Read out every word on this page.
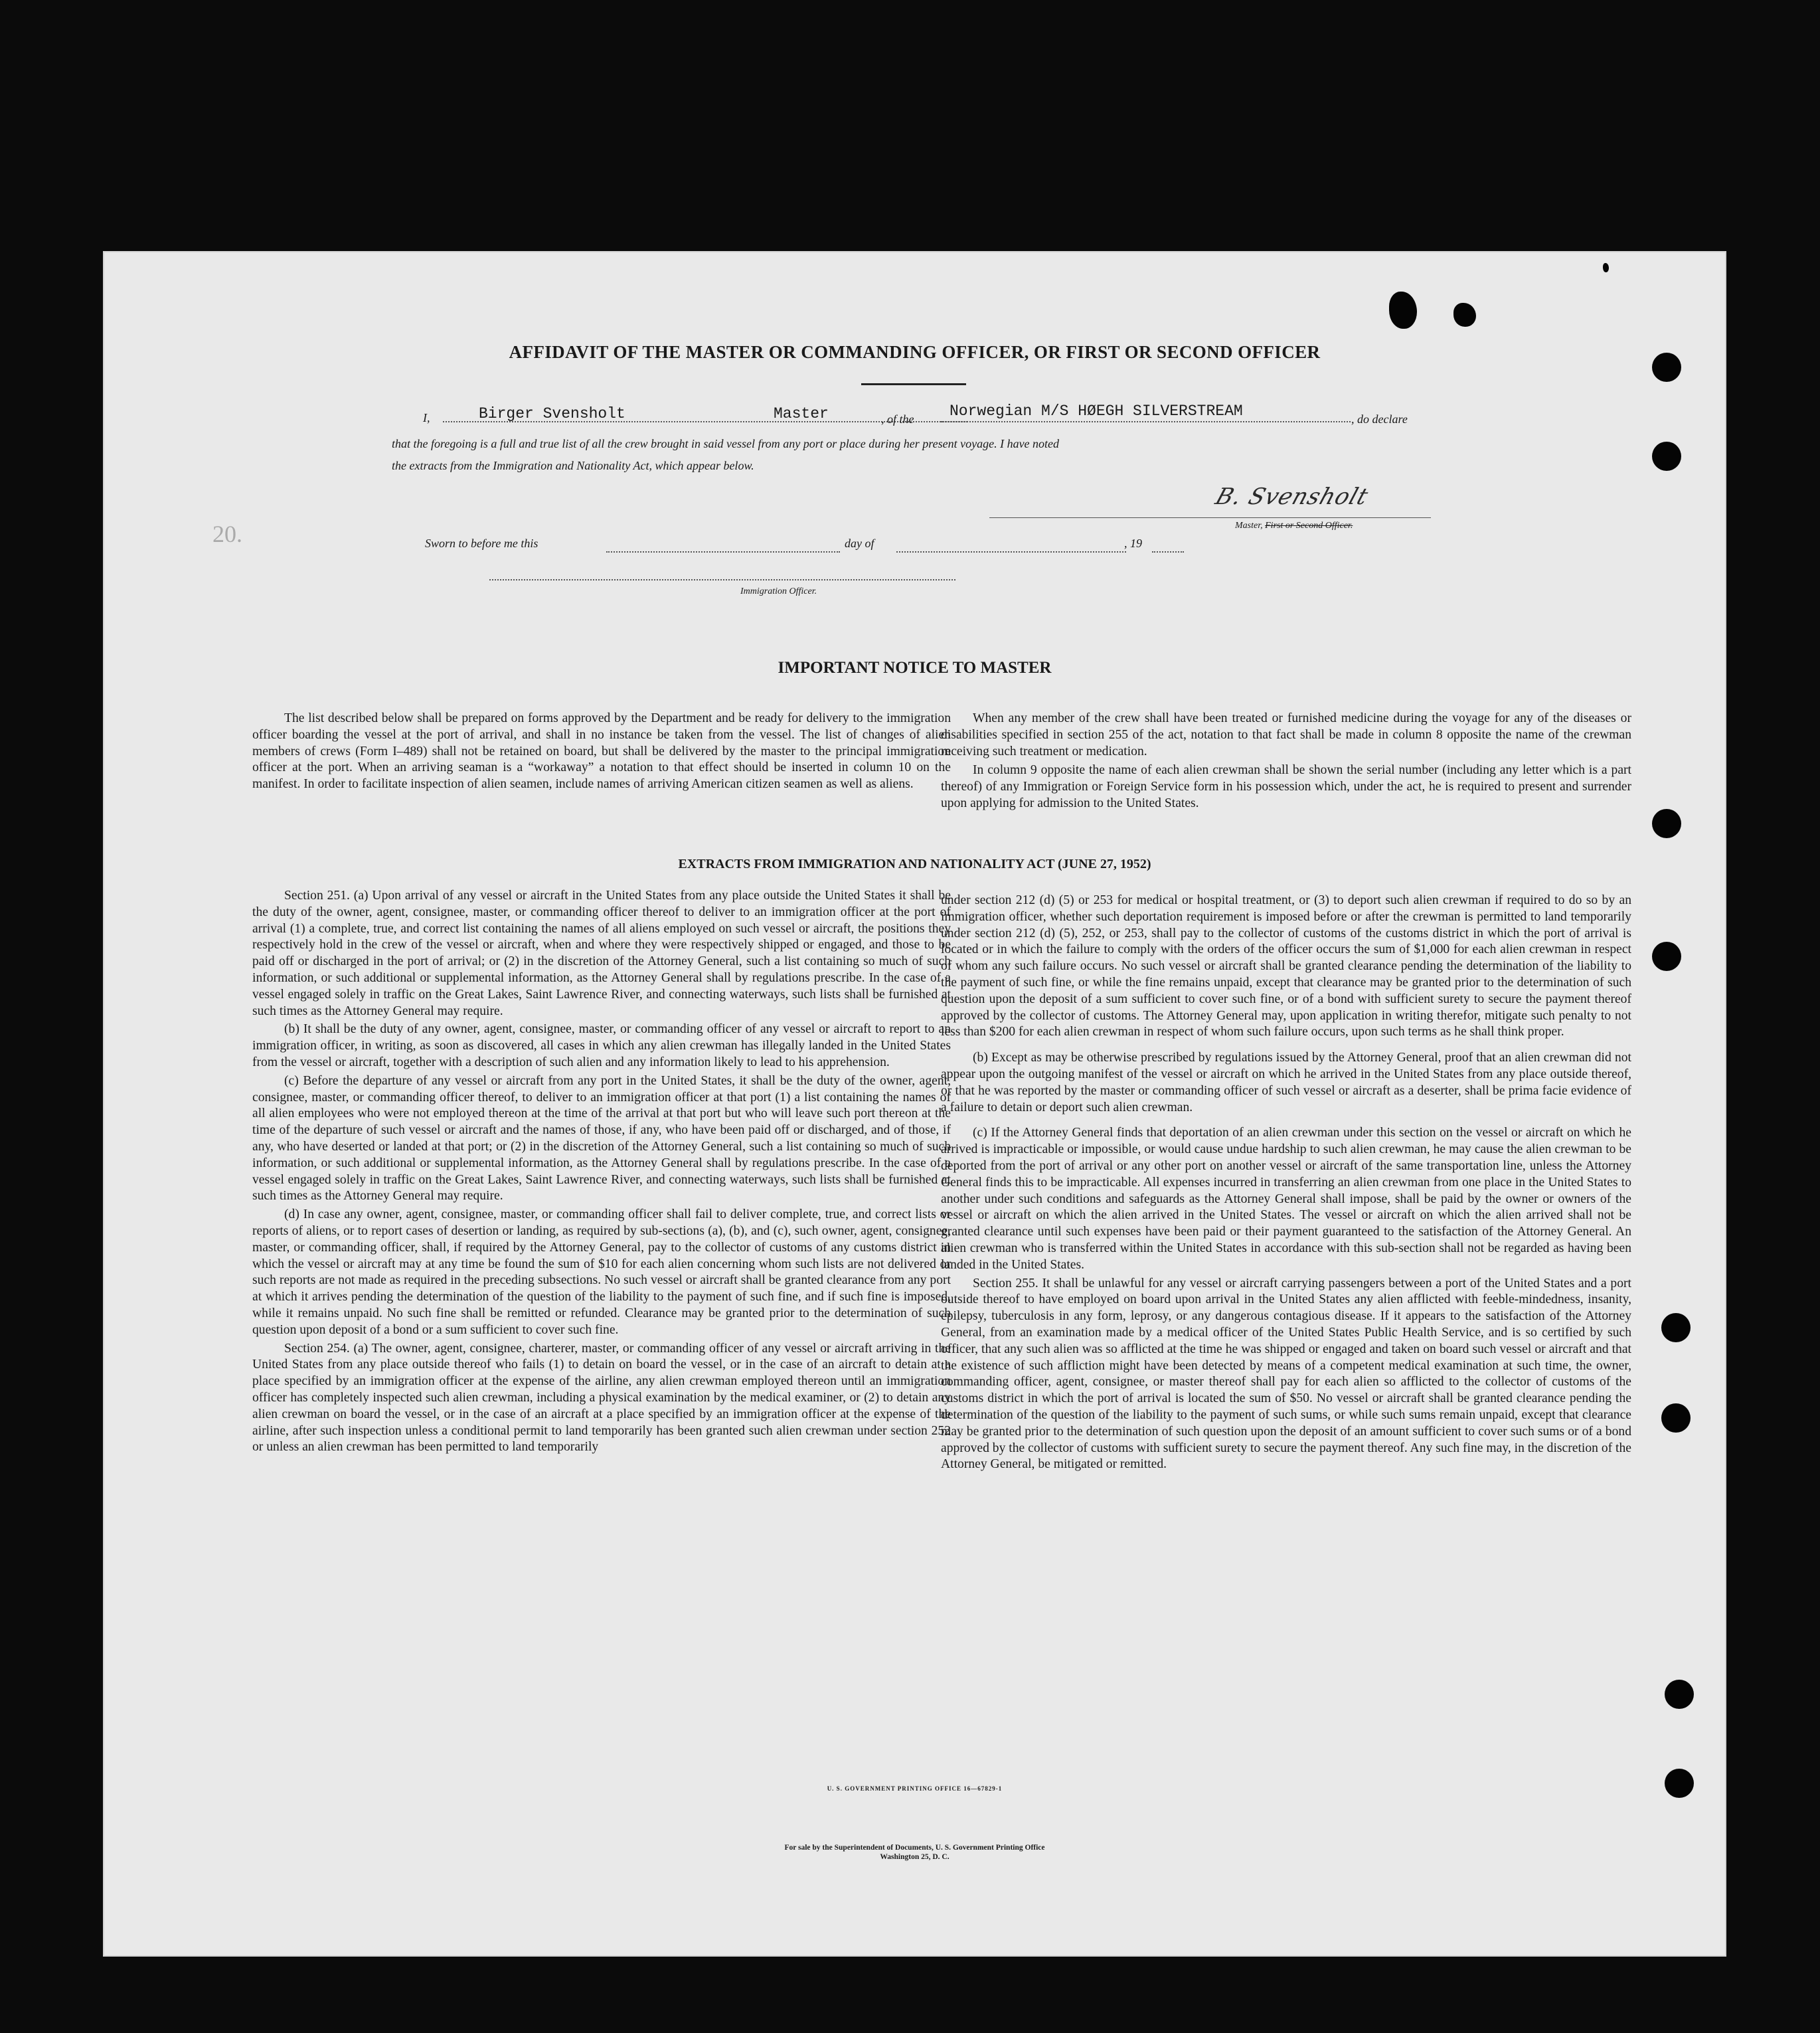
20.
AFFIDAVIT OF THE MASTER OR COMMANDING OFFICER, OR FIRST OR SECOND OFFICER
I,	Birger Svensholt	Master	, of the Norwegian M/S HØEGH SILVERSTREAM	, do declare
that the foregoing is a full and true list of all the crew brought in said vessel from any port or place during her present voyage. I have noted
the extracts from the Immigration and Nationality Act, which appear below.
B. Svensholt
Master, First or Second Officer.
Sworn to before me this	day of	, 19
Immigration Officer.
IMPORTANT NOTICE TO MASTER

The list described below shall be prepared on forms approved by the Department and be ready for delivery to the immigration officer boarding the vessel at the port of arrival, and shall in no instance be taken from the vessel. The list of changes of alien members of crews (Form I–489) shall not be retained on board, but shall be delivered by the master to the principal immigration officer at the port. When an arriving seaman is a “workaway” a notation to that effect should be inserted in column 10 on the manifest. In order to facilitate inspection of alien seamen, include names of arriving American citizen seamen as well as aliens.

When any member of the crew shall have been treated or furnished medicine during the voyage for any of the diseases or disabilities specified in section 255 of the act, notation to that fact shall be made in column 8 opposite the name of the crewman receiving such treatment or medication.

In column 9 opposite the name of each alien crewman shall be shown the serial number (including any letter which is a part thereof) of any Immigration or Foreign Service form in his possession which, under the act, he is required to present and surrender upon applying for admission to the United States.

EXTRACTS FROM IMMIGRATION AND NATIONALITY ACT (JUNE 27, 1952)

Section 251. (a) Upon arrival of any vessel or aircraft in the United States from any place outside the United States it shall be the duty of the owner, agent, consignee, master, or commanding officer thereof to deliver to an immigration officer at the port of arrival (1) a complete, true, and correct list containing the names of all aliens employed on such vessel or aircraft, the positions they respectively hold in the crew of the vessel or aircraft, when and where they were respectively shipped or engaged, and those to be paid off or discharged in the port of arrival; or (2) in the discretion of the Attorney General, such a list containing so much of such information, or such additional or supplemental information, as the Attorney General shall by regulations prescribe. In the case of a vessel engaged solely in traffic on the Great Lakes, Saint Lawrence River, and connecting waterways, such lists shall be furnished at such times as the Attorney General may require.

(b) It shall be the duty of any owner, agent, consignee, master, or commanding officer of any vessel or aircraft to report to an immigration officer, in writing, as soon as discovered, all cases in which any alien crewman has illegally landed in the United States from the vessel or aircraft, together with a description of such alien and any information likely to lead to his apprehension.

(c) Before the departure of any vessel or aircraft from any port in the United States, it shall be the duty of the owner, agent, consignee, master, or commanding officer thereof, to deliver to an immigration officer at that port (1) a list containing the names of all alien employees who were not employed thereon at the time of the arrival at that port but who will leave such port thereon at the time of the departure of such vessel or aircraft and the names of those, if any, who have been paid off or discharged, and of those, if any, who have deserted or landed at that port; or (2) in the discretion of the Attorney General, such a list containing so much of such information, or such additional or supplemental information, as the Attorney General shall by regulations prescribe. In the case of a vessel engaged solely in traffic on the Great Lakes, Saint Lawrence River, and connecting waterways, such lists shall be furnished at such times as the Attorney General may require.

(d) In case any owner, agent, consignee, master, or commanding officer shall fail to deliver complete, true, and correct lists or reports of aliens, or to report cases of desertion or landing, as required by sub-sections (a), (b), and (c), such owner, agent, consignee, master, or commanding officer, shall, if required by the Attorney General, pay to the collector of customs of any customs district in which the vessel or aircraft may at any time be found the sum of $10 for each alien concerning whom such lists are not delivered or such reports are not made as required in the preceding subsections. No such vessel or aircraft shall be granted clearance from any port at which it arrives pending the determination of the question of the liability to the payment of such fine, and if such fine is imposed, while it remains unpaid. No such fine shall be remitted or refunded. Clearance may be granted prior to the determination of such question upon deposit of a bond or a sum sufficient to cover such fine.

Section 254. (a) The owner, agent, consignee, charterer, master, or commanding officer of any vessel or aircraft arriving in the United States from any place outside thereof who fails (1) to detain on board the vessel, or in the case of an aircraft to detain at a place specified by an immigration officer at the expense of the airline, any alien crewman employed thereon until an immigration officer has completely inspected such alien crewman, including a physical examination by the medical examiner, or (2) to detain any alien crewman on board the vessel, or in the case of an aircraft at a place specified by an immigration officer at the expense of the airline, after such inspection unless a conditional permit to land temporarily has been granted such alien crewman under section 252 or unless an alien crewman has been permitted to land temporarily

under section 212 (d) (5) or 253 for medical or hospital treatment, or (3) to deport such alien crewman if required to do so by an immigration officer, whether such deportation requirement is imposed before or after the crewman is permitted to land temporarily under section 212 (d) (5), 252, or 253, shall pay to the collector of customs of the customs district in which the port of arrival is located or in which the failure to comply with the orders of the officer occurs the sum of $1,000 for each alien crewman in respect of whom any such failure occurs. No such vessel or aircraft shall be granted clearance pending the determination of the liability to the payment of such fine, or while the fine remains unpaid, except that clearance may be granted prior to the determination of such question upon the deposit of a sum sufficient to cover such fine, or of a bond with sufficient surety to secure the payment thereof approved by the collector of customs. The Attorney General may, upon application in writing therefor, mitigate such penalty to not less than $200 for each alien crewman in respect of whom such failure occurs, upon such terms as he shall think proper.

(b) Except as may be otherwise prescribed by regulations issued by the Attorney General, proof that an alien crewman did not appear upon the outgoing manifest of the vessel or aircraft on which he arrived in the United States from any place outside thereof, or that he was reported by the master or commanding officer of such vessel or aircraft as a deserter, shall be prima facie evidence of a failure to detain or deport such alien crewman.

(c) If the Attorney General finds that deportation of an alien crewman under this section on the vessel or aircraft on which he arrived is impracticable or impossible, or would cause undue hardship to such alien crewman, he may cause the alien crewman to be deported from the port of arrival or any other port on another vessel or aircraft of the same transportation line, unless the Attorney General finds this to be impracticable. All expenses incurred in transferring an alien crewman from one place in the United States to another under such conditions and safeguards as the Attorney General shall impose, shall be paid by the owner or owners of the vessel or aircraft on which the alien arrived in the United States. The vessel or aircraft on which the alien arrived shall not be granted clearance until such expenses have been paid or their payment guaranteed to the satisfaction of the Attorney General. An alien crewman who is transferred within the United States in accordance with this sub-section shall not be regarded as having been landed in the United States.

Section 255. It shall be unlawful for any vessel or aircraft carrying passengers between a port of the United States and a port outside thereof to have employed on board upon arrival in the United States any alien afflicted with feeble-mindedness, insanity, epilepsy, tuberculosis in any form, leprosy, or any dangerous contagious disease. If it appears to the satisfaction of the Attorney General, from an examination made by a medical officer of the United States Public Health Service, and is so certified by such officer, that any such alien was so afflicted at the time he was shipped or engaged and taken on board such vessel or aircraft and that the existence of such affliction might have been detected by means of a competent medical examination at such time, the owner, commanding officer, agent, consignee, or master thereof shall pay for each alien so afflicted to the collector of customs of the customs district in which the port of arrival is located the sum of $50. No vessel or aircraft shall be granted clearance pending the determination of the question of the liability to the payment of such sums, or while such sums remain unpaid, except that clearance may be granted prior to the determination of such question upon the deposit of an amount sufficient to cover such sums or of a bond approved by the collector of customs with sufficient surety to secure the payment thereof. Any such fine may, in the discretion of the Attorney General, be mitigated or remitted.

U. S. GOVERNMENT PRINTING OFFICE 16—67829-1
For sale by the Superintendent of Documents, U. S. Government Printing Office
Washington 25, D. C.
